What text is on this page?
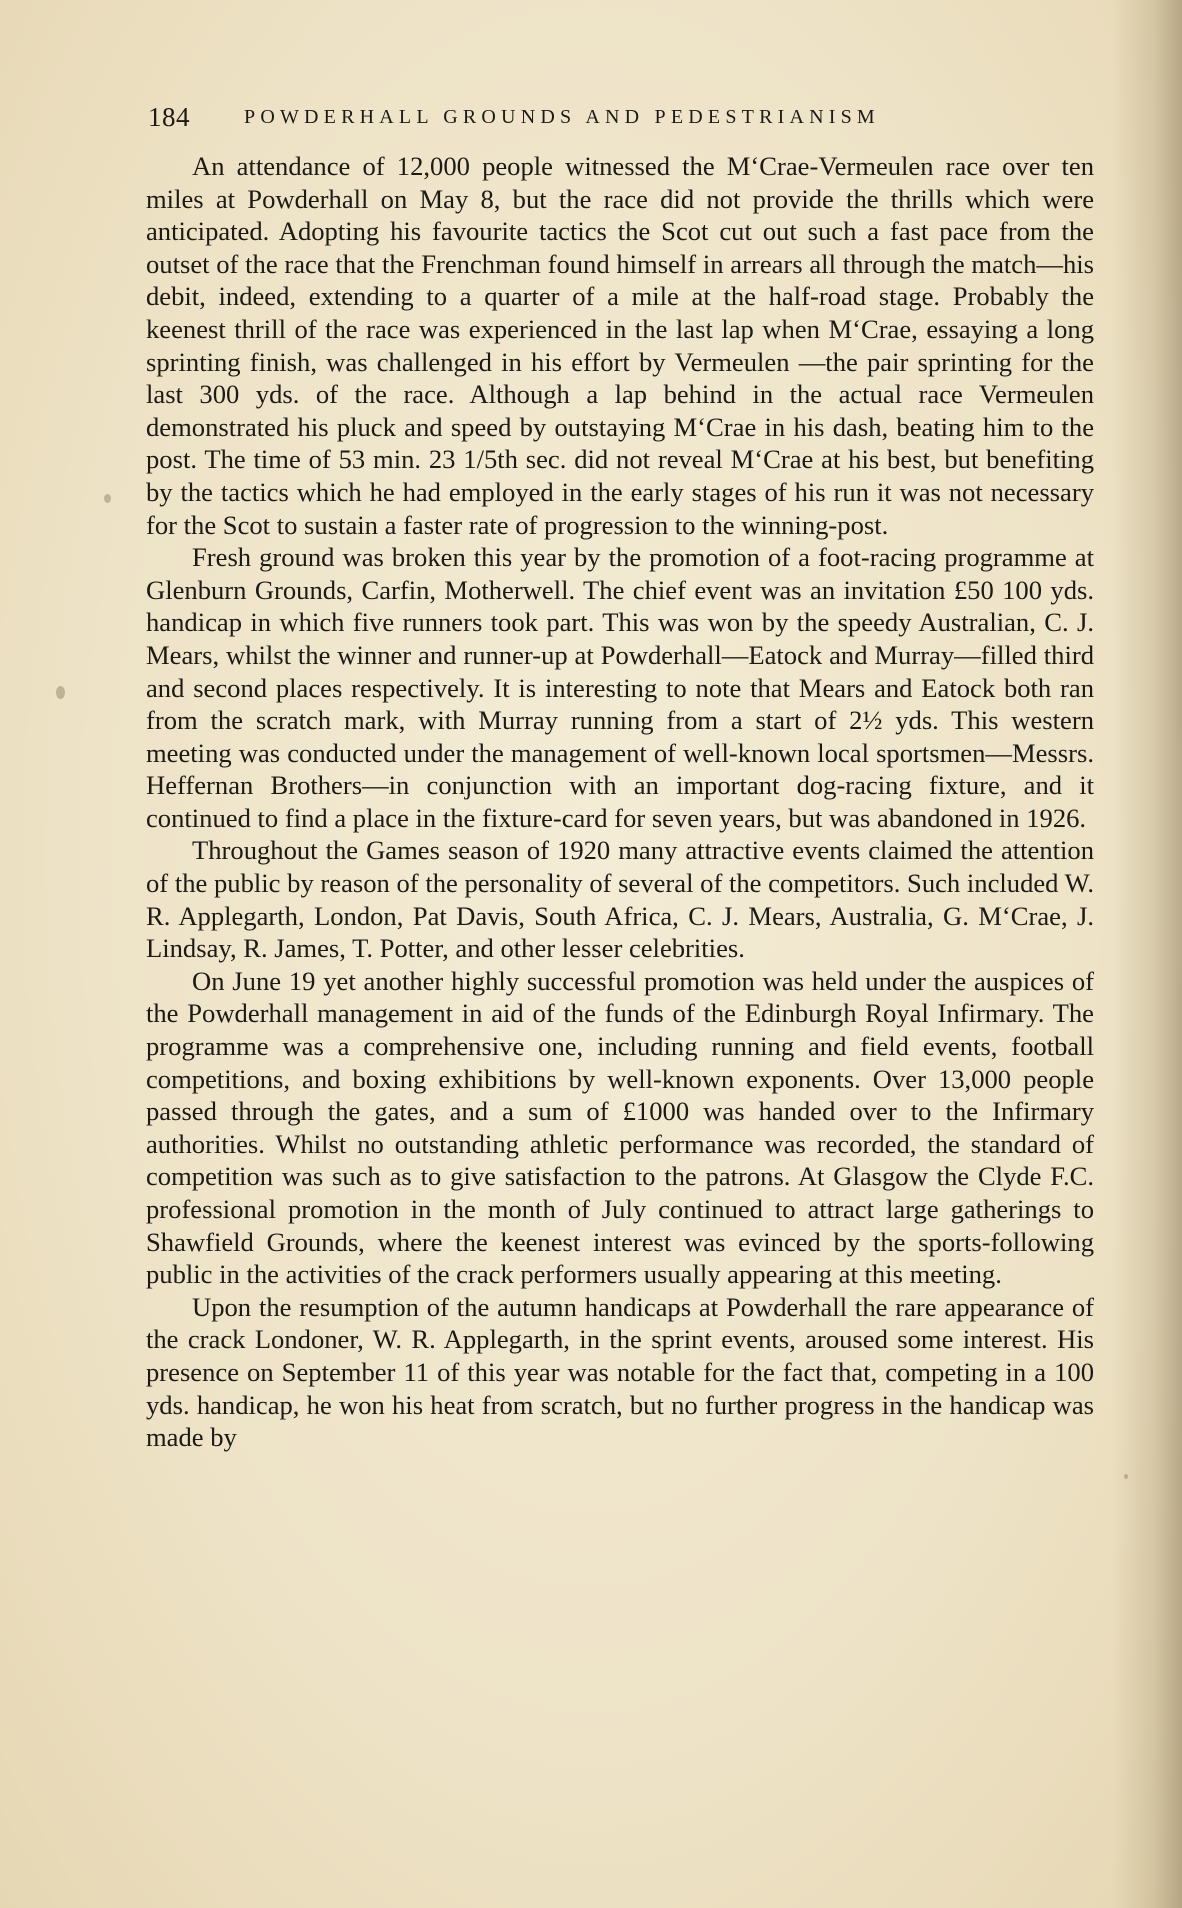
184	POWDERHALL GROUNDS AND PEDESTRIANISM

An attendance of 12,000 people witnessed the M‘Crae-Vermeulen race over ten miles at Powderhall on May 8, but the race did not provide the thrills which were anticipated. Adopting his favourite tactics the Scot cut out such a fast pace from the outset of the race that the Frenchman found himself in arrears all through the match—his debit, indeed, extending to a quarter of a mile at the half-road stage. Probably the keenest thrill of the race was experienced in the last lap when M‘Crae, essaying a long sprinting finish, was challenged in his effort by Vermeulen —the pair sprinting for the last 300 yds. of the race. Although a lap behind in the actual race Vermeulen demonstrated his pluck and speed by outstaying M‘Crae in his dash, beating him to the post. The time of 53 min. 23 1/5th sec. did not reveal M‘Crae at his best, but benefiting by the tactics which he had employed in the early stages of his run it was not necessary for the Scot to sustain a faster rate of progression to the winning-post.

Fresh ground was broken this year by the promotion of a foot-racing programme at Glenburn Grounds, Carfin, Motherwell. The chief event was an invitation £50 100 yds. handicap in which five runners took part. This was won by the speedy Australian, C. J. Mears, whilst the winner and runner-up at Powderhall—Eatock and Murray—filled third and second places respectively. It is interesting to note that Mears and Eatock both ran from the scratch mark, with Murray running from a start of 2½ yds. This western meeting was conducted under the management of well-known local sportsmen—Messrs. Heffernan Brothers—in conjunction with an important dog-racing fixture, and it continued to find a place in the fixture-card for seven years, but was abandoned in 1926.

Throughout the Games season of 1920 many attractive events claimed the attention of the public by reason of the personality of several of the competitors. Such included W. R. Applegarth, London, Pat Davis, South Africa, C. J. Mears, Australia, G. M‘Crae, J. Lindsay, R. James, T. Potter, and other lesser celebrities.

On June 19 yet another highly successful promotion was held under the auspices of the Powderhall management in aid of the funds of the Edinburgh Royal Infirmary. The programme was a comprehensive one, including running and field events, football competitions, and boxing exhibitions by well-known exponents. Over 13,000 people passed through the gates, and a sum of £1000 was handed over to the Infirmary authorities. Whilst no outstanding athletic performance was recorded, the standard of competition was such as to give satisfaction to the patrons. At Glasgow the Clyde F.C. professional promotion in the month of July continued to attract large gatherings to Shawfield Grounds, where the keenest interest was evinced by the sports-following public in the activities of the crack performers usually appearing at this meeting.

Upon the resumption of the autumn handicaps at Powderhall the rare appearance of the crack Londoner, W. R. Applegarth, in the sprint events, aroused some interest. His presence on September 11 of this year was notable for the fact that, competing in a 100 yds. handicap, he won his heat from scratch, but no further progress in the handicap was made by
